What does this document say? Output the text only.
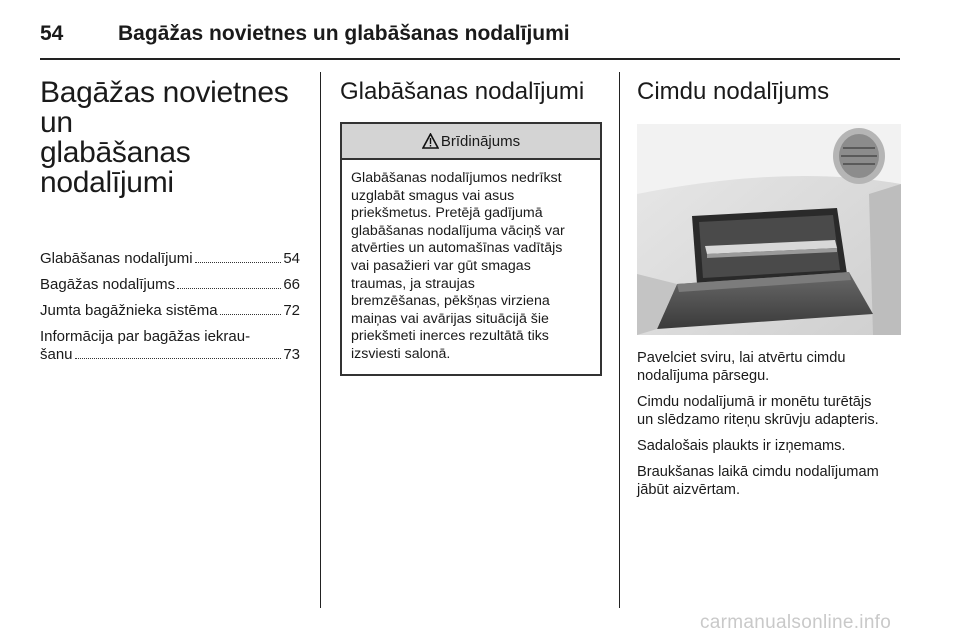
54	Bagāžas novietnes un glabāšanas nodalījumi
Bagāžas novietnes un
glabāšanas nodalījumi
Glabāšanas nodalījumi	54
Bagāžas nodalījums	66
Jumta bagāžnieka sistēma	72
Informācija par bagāžas iekrau-
šanu	73
Glabāšanas nodalījumi
Brīdinājums
Glabāšanas nodalījumos nedrīkst
uzglabāt smagus vai asus
priekšmetus. Pretējā gadījumā
glabāšanas nodalījuma vāciņš var
atvērties un automašīnas vadītājs
vai pasažieri var gūt smagas
traumas, ja straujas
bremzēšanas, pēkšņas virziena
maiņas vai avārijas situācijā šie
priekšmeti inerces rezultātā tiks
izsviesti salonā.
Cimdu nodalījums

Pavelciet sviru, lai atvērtu cimdu
nodalījuma pārsegu.

Cimdu nodalījumā ir monētu turētājs
un slēdzamo riteņu skrūvju adapteris.

Sadalošais plaukts ir izņemams.

Braukšanas laikā cimdu nodalījumam
jābūt aizvērtam.

carmanualsonline.info
